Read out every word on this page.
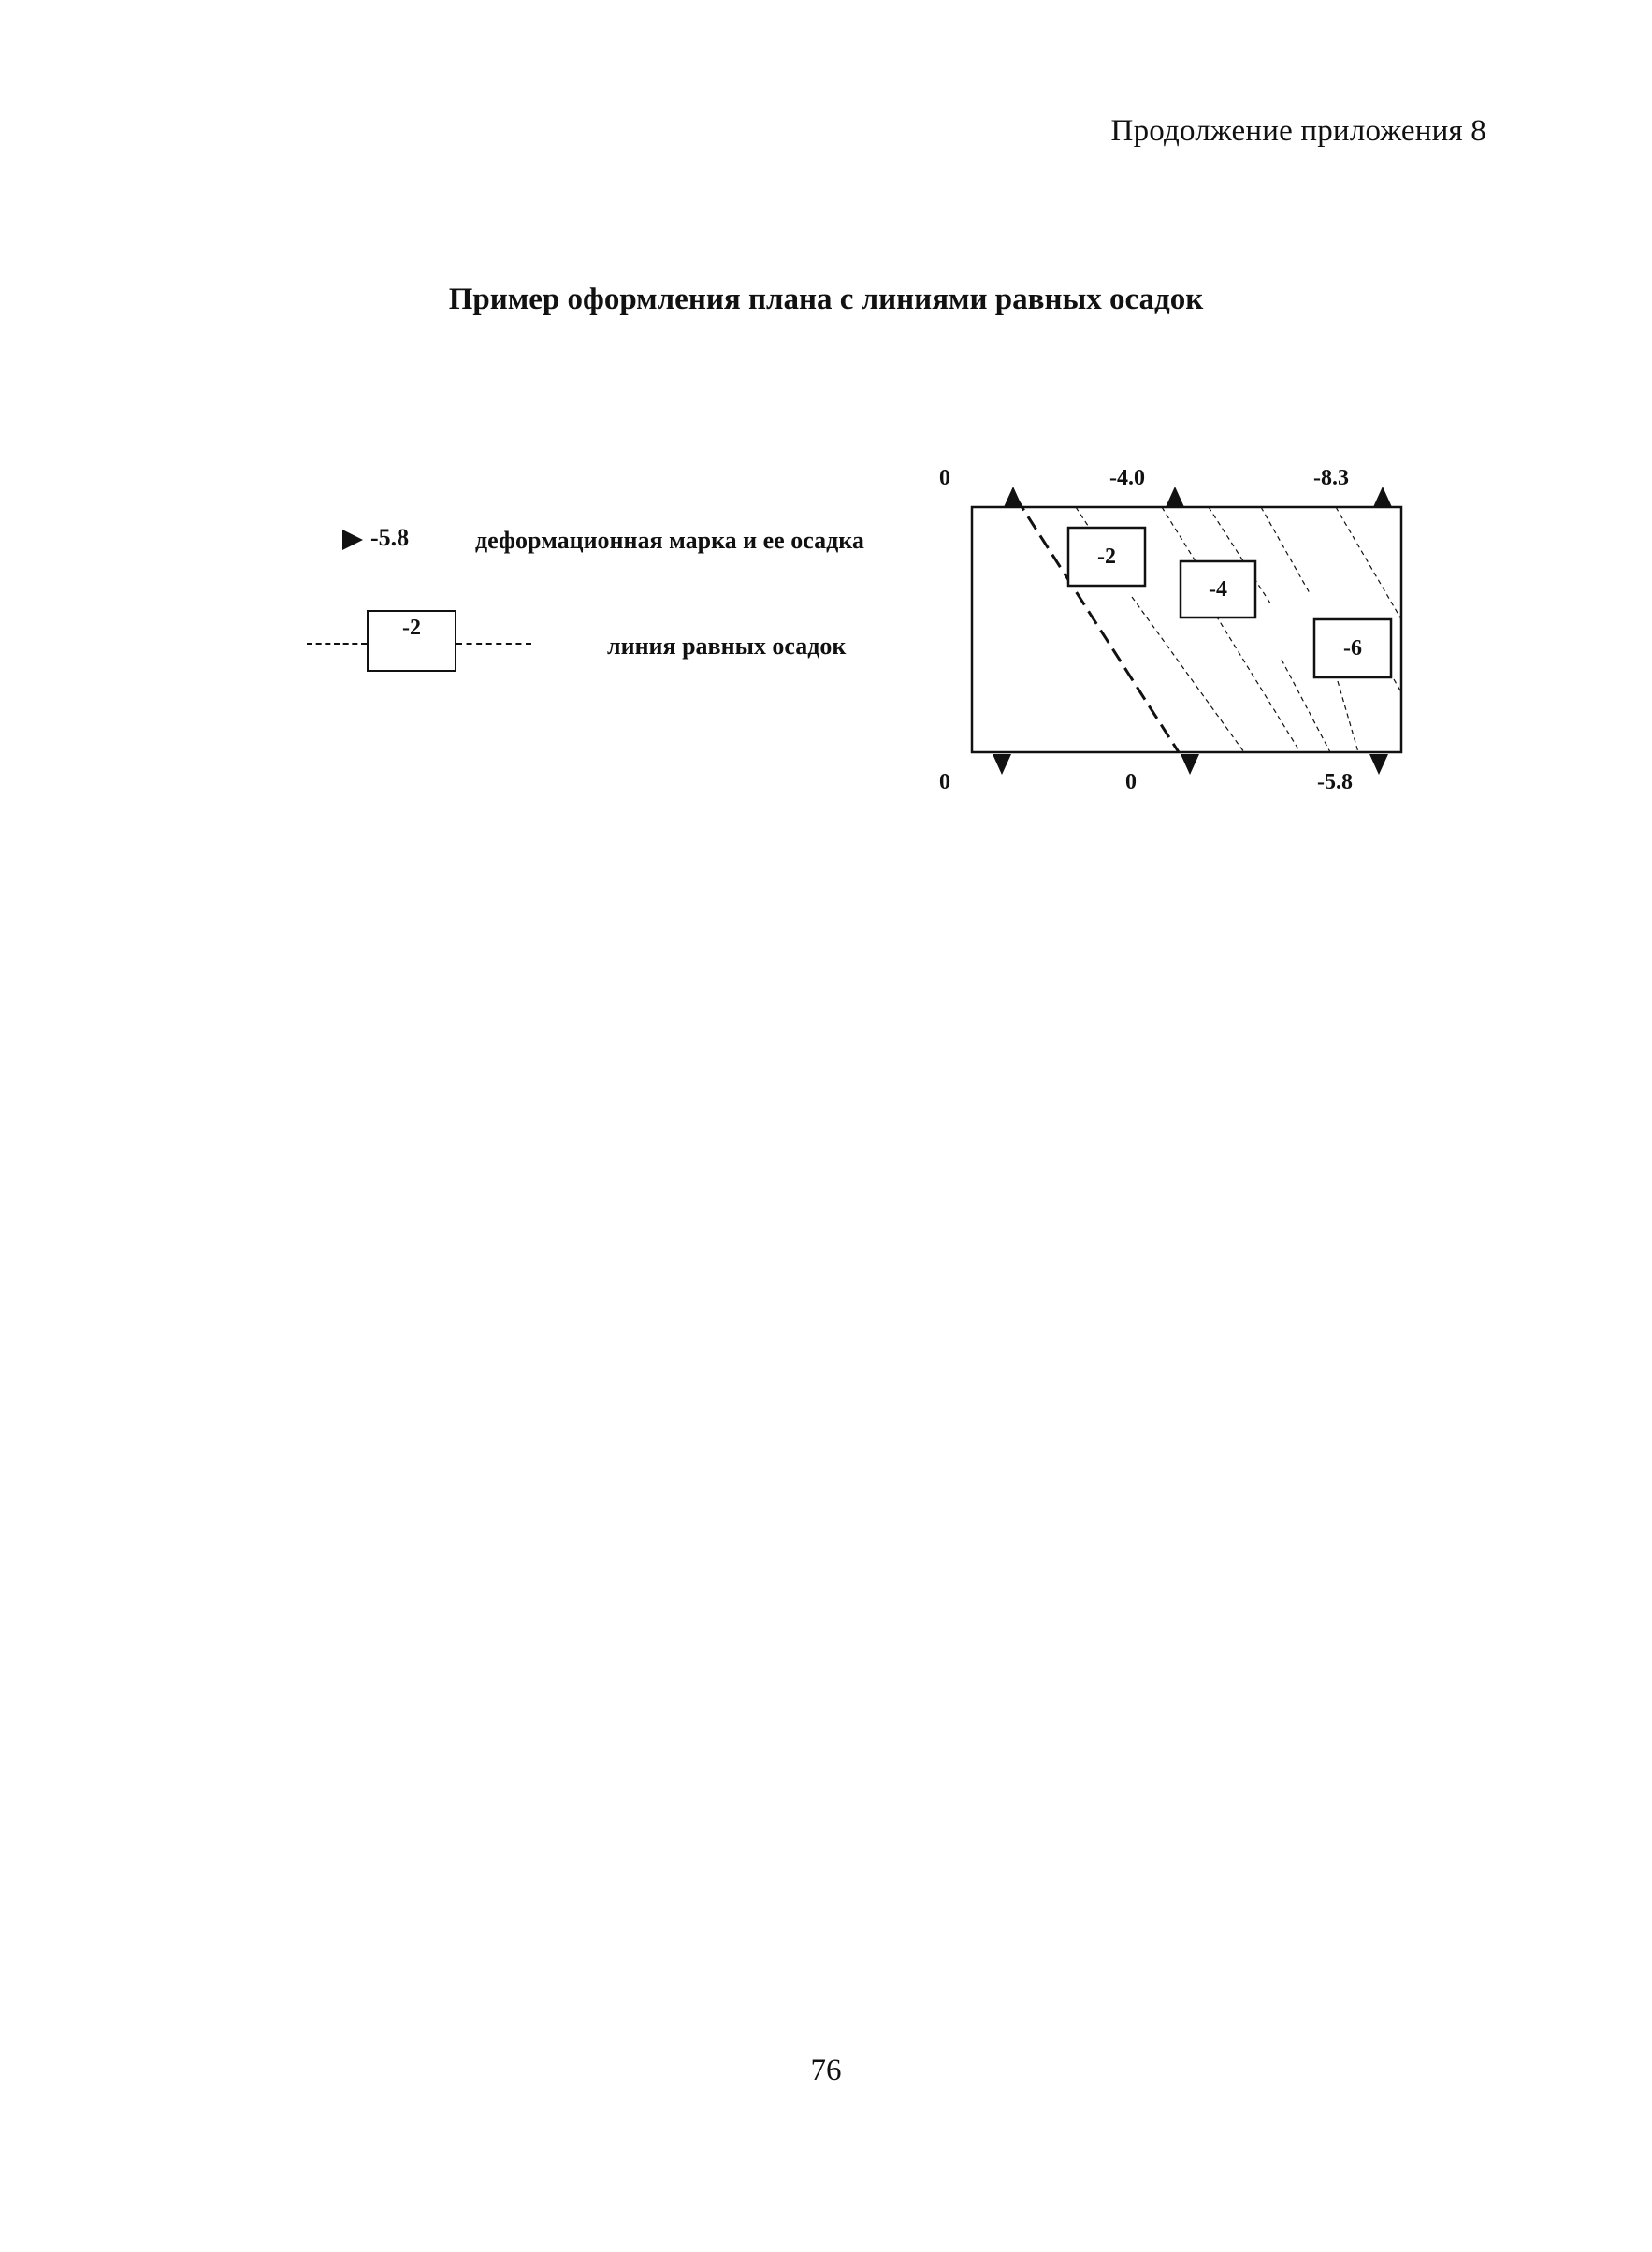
Продолжение приложения 8
Пример оформления плана с линиями равных осадок
-5.8	деформационная марка и ее осадка
-2
линия равных осадок
-2
-4
-6
0	-4.0	-8.3
0	0	-5.8
76
